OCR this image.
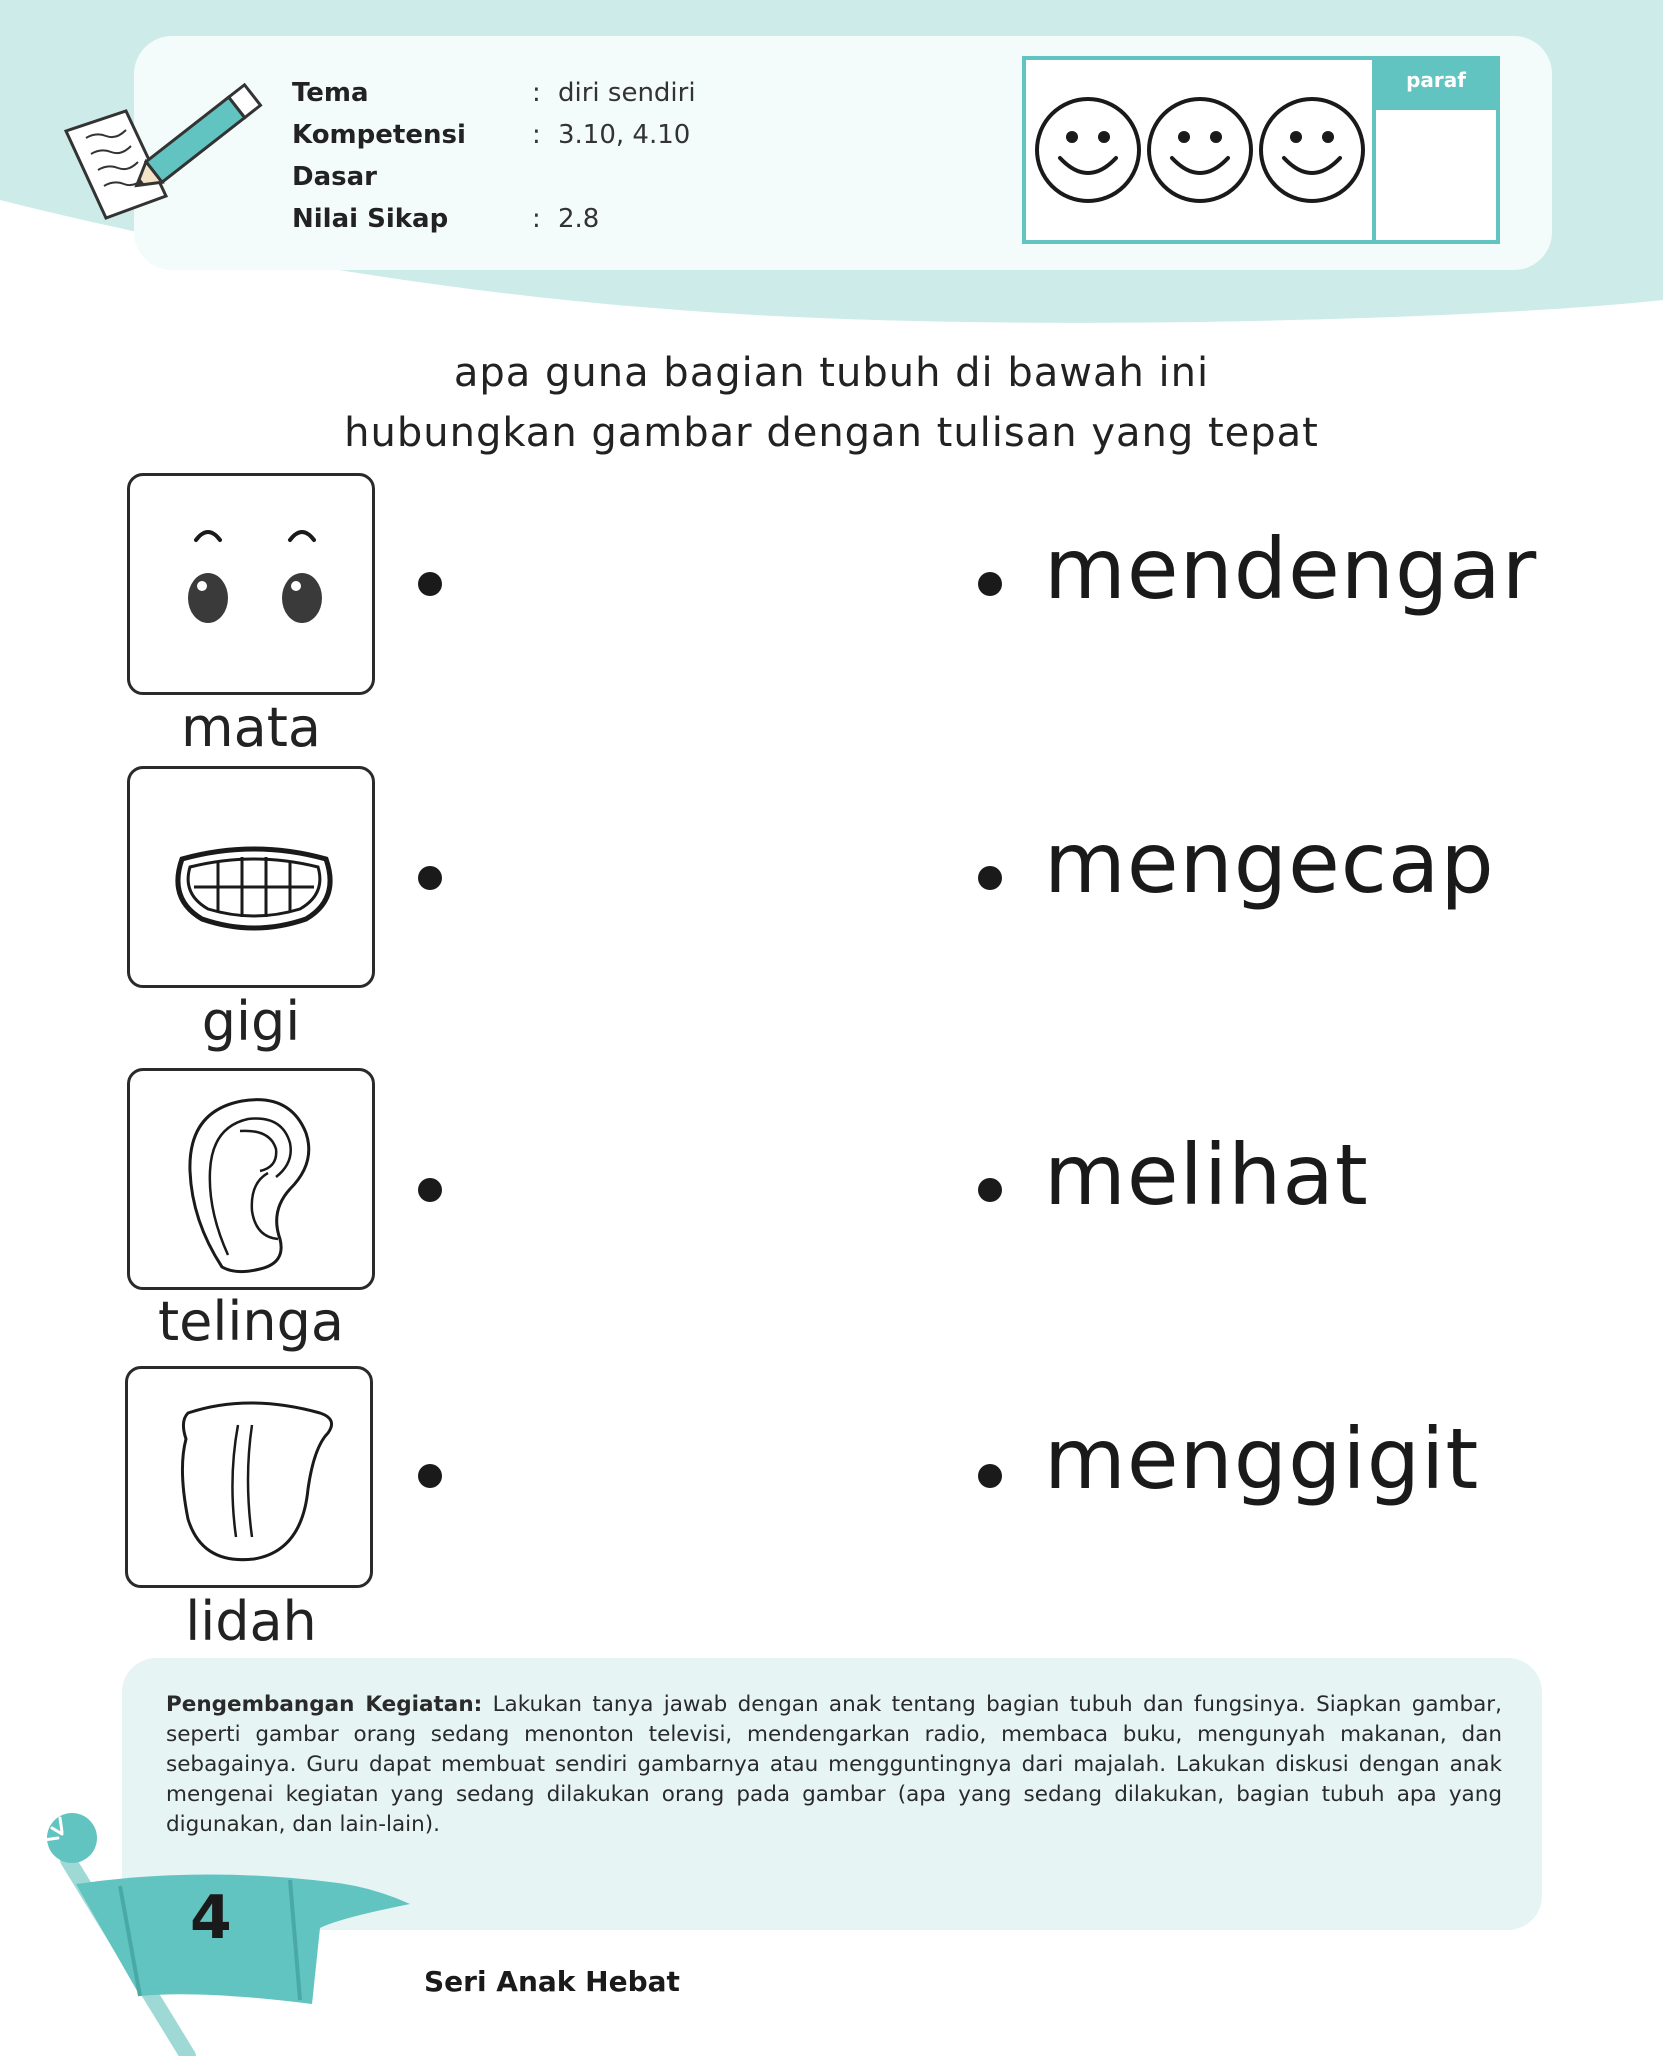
Tema	: diri sendiri
Kompetensi Dasar
: 3.10, 4.10
Nilai Sikap	: 2.8
paraf
apa guna bagian tubuh di bawah ini
hubungkan gambar dengan tulisan yang tepat
mata
mendengar
gigi
mengecap
telinga
melihat
lidah
menggigit
Pengembangan Kegiatan: Lakukan tanya jawab dengan anak tentang bagian tubuh dan fungsinya. Siapkan gambar, seperti gambar orang sedang menonton televisi, mendengarkan radio, membaca buku, mengunyah makanan, dan sebagainya. Guru dapat membuat sendiri gambarnya atau mengguntingnya dari majalah. Lakukan diskusi dengan anak mengenai kegiatan yang sedang dilakukan orang pada gambar (apa yang sedang dilakukan, bagian tubuh apa yang digunakan, dan lain-lain).
4
Seri Anak Hebat
